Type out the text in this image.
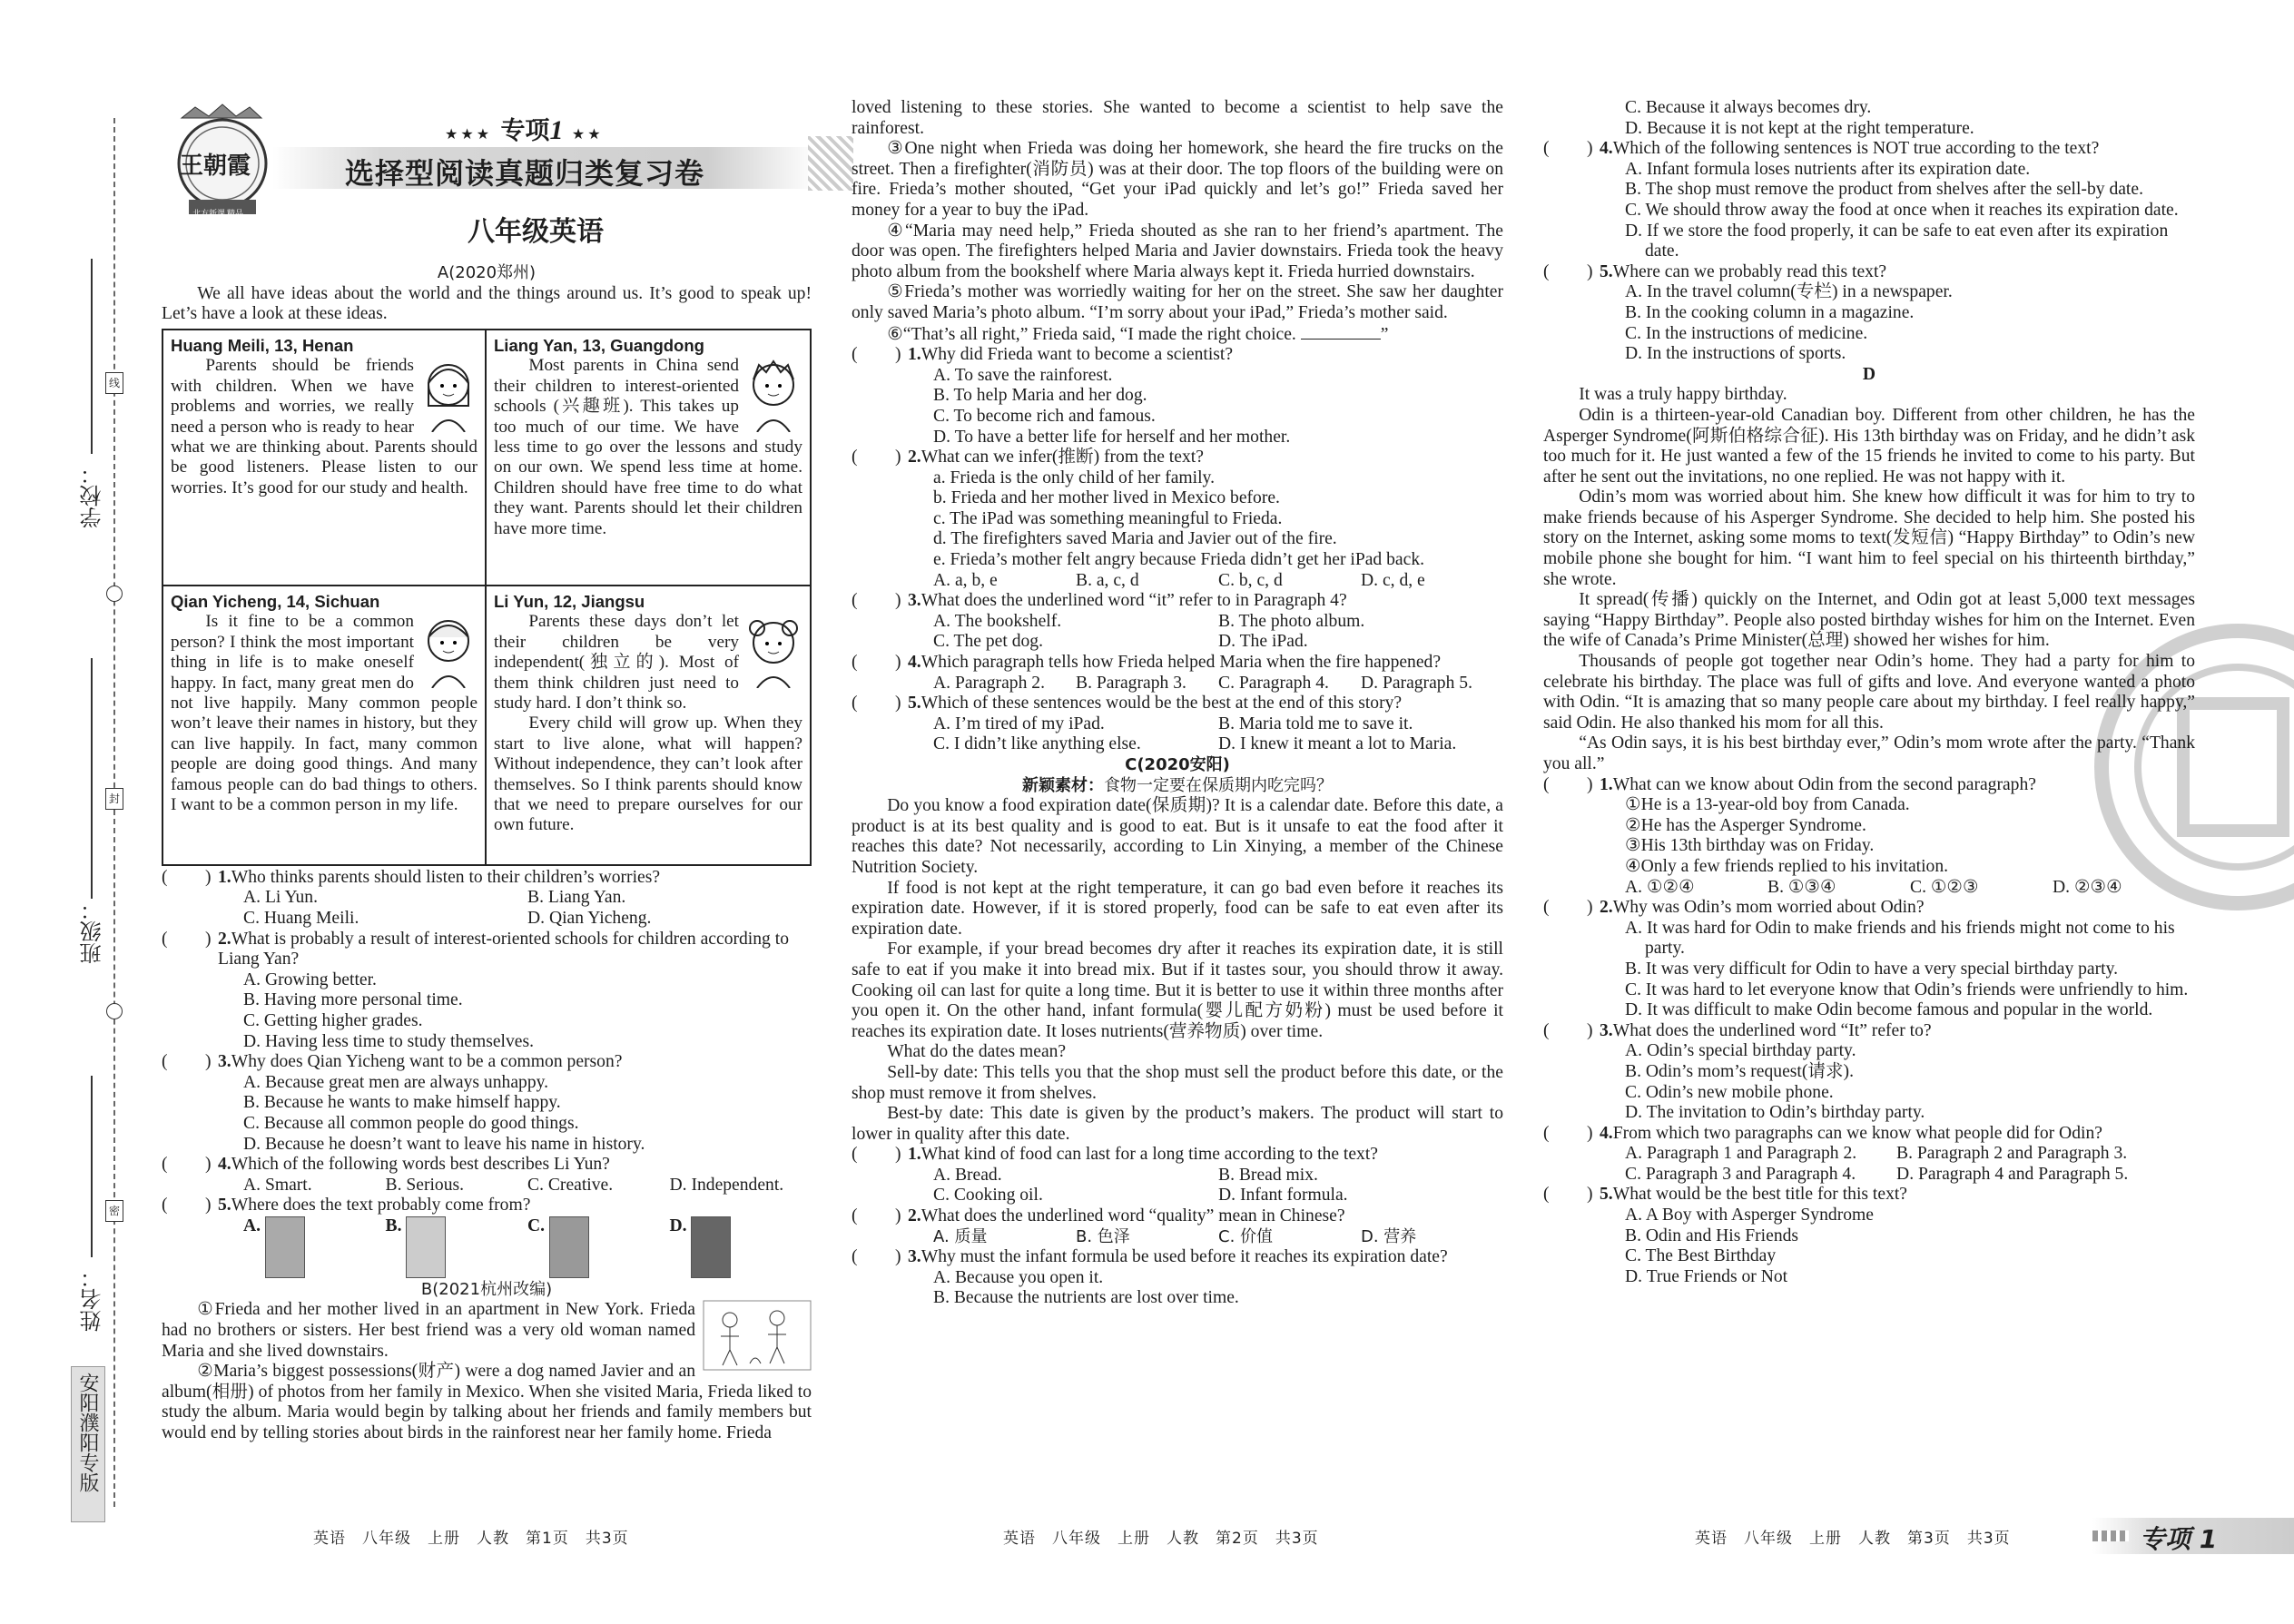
学校：
班级：
姓名：
线
封
密
安阳濮阳专版
王朝霞
北方新课 精品
★★★ 专项1 ★★
选择型阅读真题归类复习卷
八年级英语

A(2020郑州)

We all have ideas about the world and the things around us. It’s good to speak up! Let’s have a look at these ideas.

Huang Meili, 13, Henan
Parents should be friends with children. When we have problems and worries, we really need a person who is ready to hear what we are thinking about. Parents should be good listeners. Please listen to our worries. It’s good for our study and health.
Liang Yan, 13, Guangdong
Most parents in China send their children to interest-oriented schools (兴趣班). This takes up too much of our time. We have less time to go over the lessons and study on our own. We spend less time at home. Children should have free time to do what they want. Parents should let their children have more time.
Qian Yicheng, 14, Sichuan
Is it fine to be a common person? I think the most important thing in life is to make oneself happy. In fact, many great men do not live happily. Many common people won’t leave their names in history, but they can live happily. In fact, many common people are doing good things. And many famous people can do bad things to others. I want to be a common person in my life.
Li Yun, 12, Jiangsu
Parents these days don’t let their children be very independent(独立的). Most of them think children just need to study hard. I don’t think so.
Every child will grow up. When they start to live alone, what will happen? Without independence, they can’t look after themselves. So I think parents should know that we need to prepare ourselves for our own future.
( ) 1.Who thinks parents should listen to their children’s worries?
A. Li Yun.	B. Liang Yan.
C. Huang Meili.	D. Qian Yicheng.
( ) 2.What is probably a result of interest-oriented schools for children according to Liang Yan?
A. Growing better.
B. Having more personal time.
C. Getting higher grades.
D. Having less time to study themselves.
( ) 3.Why does Qian Yicheng want to be a common person?
A. Because great men are always unhappy.
B. Because he wants to make himself happy.
C. Because all common people do good things.
D. Because he doesn’t want to leave his name in history.
( ) 4.Which of the following words best describes Li Yun?
A. Smart.	B. Serious.	C. Creative.	D. Independent.
( ) 5.Where does the text probably come from?
A.	B.	C.	D.

B(2021杭州改编)

①Frieda and her mother lived in an apartment in New York. Frieda had no brothers or sisters. Her best friend was a very old woman named Maria and she lived downstairs.

②Maria’s biggest possessions(财产) were a dog named Javier and an album(相册) of photos from her family in Mexico. When she visited Maria, Frieda liked to study the album. Maria would begin by talking about her friends and family members but would end by telling stories about birds in the rainforest near her family home. Frieda

loved listening to these stories. She wanted to become a scientist to help save the rainforest.

③One night when Frieda was doing her homework, she heard the fire trucks on the street. Then a firefighter(消防员) was at their door. The top floors of the building were on fire. Frieda’s mother shouted, “Get your iPad quickly and let’s go!” Frieda saved her money for a year to buy the iPad.

④“Maria may need help,” Frieda shouted as she ran to her friend’s apartment. The door was open. The firefighters helped Maria and Javier downstairs. Frieda took the heavy photo album from the bookshelf where Maria always kept it. Frieda hurried downstairs.

⑤Frieda’s mother was worriedly waiting for her on the street. She saw her daughter only saved Maria’s photo album. “I’m sorry about your iPad,” Frieda’s mother said.

⑥“That’s all right,” Frieda said, “I made the right choice.	”

( ) 1.Why did Frieda want to become a scientist?
A. To save the rainforest.
B. To help Maria and her dog.
C. To become rich and famous.
D. To have a better life for herself and her mother.
( ) 2.What can we infer(推断) from the text?
a. Frieda is the only child of her family.
b. Frieda and her mother lived in Mexico before.
c. The iPad was something meaningful to Frieda.
d. The firefighters saved Maria and Javier out of the fire.
e. Frieda’s mother felt angry because Frieda didn’t get her iPad back.
A. a, b, e	B. a, c, d	C. b, c, d	D. c, d, e
( ) 3.What does the underlined word “it” refer to in Paragraph 4?
A. The bookshelf.	B. The photo album.
C. The pet dog.	D. The iPad.
( ) 4.Which paragraph tells how Frieda helped Maria when the fire happened?
A. Paragraph 2.	B. Paragraph 3.	C. Paragraph 4.	D. Paragraph 5.
( ) 5.Which of these sentences would be the best at the end of this story?
A. I’m tired of my iPad.	B. Maria told me to save it.
C. I didn’t like anything else.	D. I knew it meant a lot to Maria.

C(2020安阳)

新颖素材：食物一定要在保质期内吃完吗？

Do you know a food expiration date(保质期)? It is a calendar date. Before this date, a product is at its best quality and is good to eat. But is it unsafe to eat the food after it reaches this date? Not necessarily, according to Lin Xinying, a member of the Chinese Nutrition Society.

If food is not kept at the right temperature, it can go bad even before it reaches its expiration date. However, if it is stored properly, food can be safe to eat even after its expiration date.

For example, if your bread becomes dry after it reaches its expiration date, it is still safe to eat if you make it into bread mix. But if it tastes sour, you should throw it away. Cooking oil can last for quite a long time. But it is better to use it within three months after you open it. On the other hand, infant formula(婴儿配方奶粉) must be used before it reaches its expiration date. It loses nutrients(营养物质) over time.

What do the dates mean?

Sell-by date: This tells you that the shop must sell the product before this date, or the shop must remove it from shelves.

Best-by date: This date is given by the product’s makers. The product will start to lower in quality after this date.

( ) 1.What kind of food can last for a long time according to the text?
A. Bread.	B. Bread mix.
C. Cooking oil.	D. Infant formula.
( ) 2.What does the underlined word “quality” mean in Chinese?
A. 质量	B. 色泽	C. 价值	D. 营养
( ) 3.Why must the infant formula be used before it reaches its expiration date?
A. Because you open it.
B. Because the nutrients are lost over time.
C. Because it always becomes dry.
D. Because it is not kept at the right temperature.
( ) 4.Which of the following sentences is NOT true according to the text?
A. Infant formula loses nutrients after its expiration date.
B. The shop must remove the product from shelves after the sell-by date.
C. We should throw away the food at once when it reaches its expiration date.
D. If we store the food properly, it can be safe to eat even after its expiration date.
( ) 5.Where can we probably read this text?
A. In the travel column(专栏) in a newspaper.
B. In the cooking column in a magazine.
C. In the instructions of medicine.
D. In the instructions of sports.

D

It was a truly happy birthday.

Odin is a thirteen-year-old Canadian boy. Different from other children, he has the Asperger Syndrome(阿斯伯格综合征). His 13th birthday was on Friday, and he didn’t ask too much for it. He just wanted a few of the 15 friends he invited to come to his party. But after he sent out the invitations, no one replied. He was not happy with it.

Odin’s mom was worried about him. She knew how difficult it was for him to try to make friends because of his Asperger Syndrome. She decided to help him. She posted his story on the Internet, asking some moms to text(发短信) “Happy Birthday” to Odin’s new mobile phone she bought for him. “I want him to feel special on his thirteenth birthday,” she wrote.

It spread(传播) quickly on the Internet, and Odin got at least 5,000 text messages saying “Happy Birthday”. People also posted birthday wishes for him on the Internet. Even the wife of Canada’s Prime Minister(总理) showed her wishes for him.

Thousands of people got together near Odin’s home. They had a party for him to celebrate his birthday. The place was full of gifts and love. And everyone wanted a photo with Odin. “It is amazing that so many people care about my birthday. I feel really happy,” said Odin. He also thanked his mom for all this.

“As Odin says, it is his best birthday ever,” Odin’s mom wrote after the party. “Thank you all.”

( ) 1.What can we know about Odin from the second paragraph?
①He is a 13-year-old boy from Canada.
②He has the Asperger Syndrome.
③His 13th birthday was on Friday.
④Only a few friends replied to his invitation.
A. ①②④	B. ①③④	C. ①②③	D. ②③④
( ) 2.Why was Odin’s mom worried about Odin?
A. It was hard for Odin to make friends and his friends might not come to his party.
B. It was very difficult for Odin to have a very special birthday party.
C. It was hard to let everyone know that Odin’s friends were unfriendly to him.
D. It was difficult to make Odin become famous and popular in the world.
( ) 3.What does the underlined word “It” refer to?
A. Odin’s special birthday party.
B. Odin’s mom’s request(请求).
C. Odin’s new mobile phone.
D. The invitation to Odin’s birthday party.
( ) 4.From which two paragraphs can we know what people did for Odin?
A. Paragraph 1 and Paragraph 2.	B. Paragraph 2 and Paragraph 3.
C. Paragraph 3 and Paragraph 4.	D. Paragraph 4 and Paragraph 5.
( ) 5.What would be the best title for this text?
A. A Boy with Asperger Syndrome
B. Odin and His Friends
C. The Best Birthday
D. True Friends or Not
英语　八年级　上册　人教　第1页　共3页	英语　八年级　上册　人教　第2页　共3页	英语　八年级　上册　人教　第3页　共3页	专项 1
